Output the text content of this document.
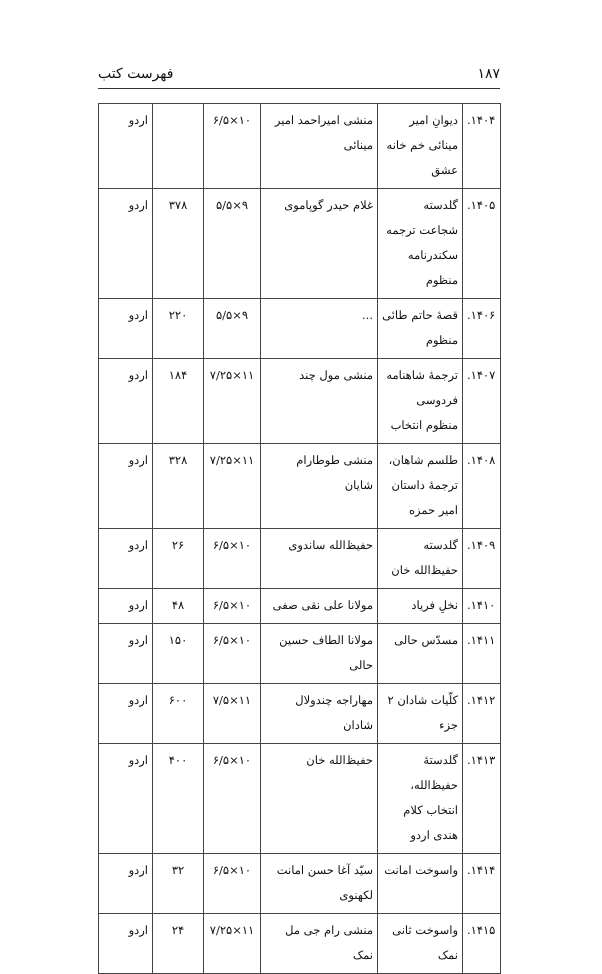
۱۸۷
فهرست کتب
۱۴۰۴.	دیوانِ امیر مینائی خم خانه عشق	منشی امیراحمد امیر مینائی	۱۰×۶/۵		اردو
۱۴۰۵.	گلدسته شجاعت ترجمه سکندرنامه منظوم	غلام حیدر گوپاموی	۹×۵/۵	۳۷۸	اردو
۱۴۰۶.	قصهٔ حاتم طائی منظوم	...	۹×۵/۵	۲۲۰	اردو
۱۴۰۷.	ترجمهٔ شاهنامه فردوسی منظوم انتخاب	منشی مول چند	۱۱×۷/۲۵	۱۸۴	اردو
۱۴۰۸.	طلسم شاهان، ترجمهٔ داستان امیر حمزه	منشی طوطارام شایان	۱۱×۷/۲۵	۳۲۸	اردو
۱۴۰۹.	گلدسته حفیظ‌الله خان	حفیظ‌الله ساندوی	۱۰×۶/۵	۲۶	اردو
۱۴۱۰.	نخلِ فریاد	مولانا علی نقی صفی	۱۰×۶/۵	۴۸	اردو
۱۴۱۱.	مسدّس حالی	مولانا الطاف حسین حالی	۱۰×۶/۵	۱۵۰	اردو
۱۴۱۲.	کلّیات شادان ۲ جزء	مهاراجه چندولال شادان	۱۱×۷/۵	۶۰۰	اردو
۱۴۱۳.	گلدستهٔ حفیظ‌الله، انتخاب کلام هندی اردو	حفیظ‌الله خان	۱۰×۶/۵	۴۰۰	اردو
۱۴۱۴.	واسوخت امانت	سیّد آغا حسن امانت لکهنوی	۱۰×۶/۵	۳۲	اردو
۱۴۱۵.	واسوخت ثانی نمک	منشی رام جی مل نمک	۱۱×۷/۲۵	۲۴	اردو
